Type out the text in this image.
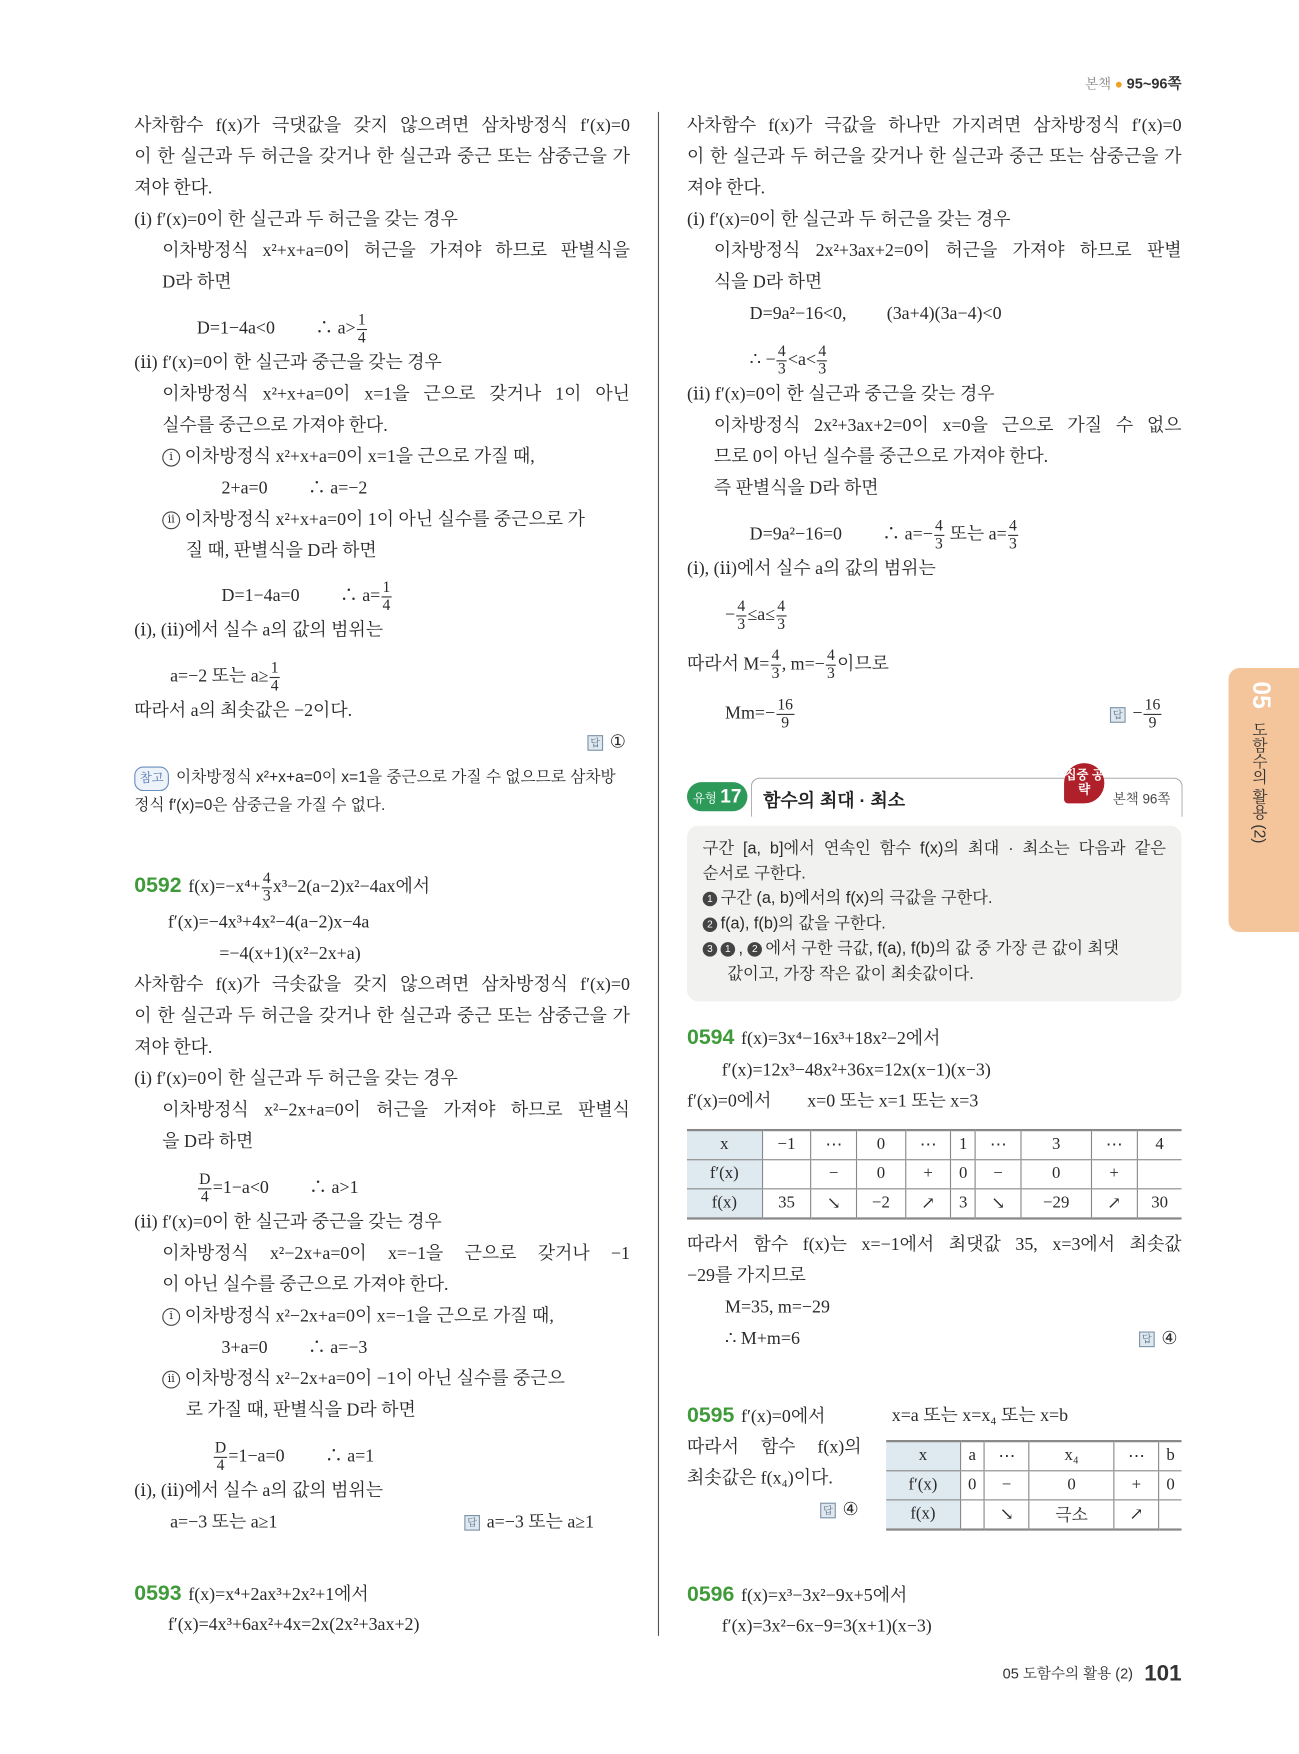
본책 ● 95~96쪽
사차함수 f(x)가 극댓값을 갖지 않으려면 삼차방정식 f′(x)=0
이 한 실근과 두 허근을 갖거나 한 실근과 중근 또는 삼중근을 가
져야 한다.
(ⅰ) f′(x)=0이 한 실근과 두 허근을 갖는 경우
이차방정식 x²+x+a=0이 허근을 가져야 하므로 판별식을
D라 하면
D=1−4a<0　　 ∴ $a> \frac{1}{4}$
(ⅱ) f′(x)=0이 한 실근과 중근을 갖는 경우
이차방정식 x²+x+a=0이 x=1을 근으로 갖거나 1이 아닌
실수를 중근으로 가져야 한다.
ⅰ 이차방정식 x²+x+a=0이 x=1을 근으로 가질 때,
2+a=0　　 ∴ a=−2
ⅱ 이차방정식 x²+x+a=0이 1이 아닌 실수를 중근으로 가
질 때, 판별식을 D라 하면
D=1−4a=0　　 ∴ $a= \frac{1}{4}$
(ⅰ), (ⅱ)에서 실수 a의 값의 범위는
a=−2 또는 $a\ge \frac{1}{4}$
따라서 a의 최솟값은 −2이다.
답 ①
참고 이차방정식 x²+x+a=0이 x=1을 중근으로 가질 수 없으므로 삼차방
정식 f′(x)=0은 삼중근을 가질 수 없다.
0592 $f(x)=-x^4+ \frac{4}{3} x^3-2(a-2)x^2-4ax$에서
f′(x)=−4x³+4x²−4(a−2)x−4a
=−4(x+1)(x²−2x+a)
사차함수 f(x)가 극솟값을 갖지 않으려면 삼차방정식 f′(x)=0
이 한 실근과 두 허근을 갖거나 한 실근과 중근 또는 삼중근을 가
져야 한다.
(ⅰ) f′(x)=0이 한 실근과 두 허근을 갖는 경우
이차방정식 x²−2x+a=0이 허근을 가져야 하므로 판별식
을 D라 하면
$\frac{D}{4} =1-a<0$　　 ∴ a>1
(ⅱ) f′(x)=0이 한 실근과 중근을 갖는 경우
이차방정식 x²−2x+a=0이 x=−1을 근으로 갖거나 −1
이 아닌 실수를 중근으로 가져야 한다.
ⅰ 이차방정식 x²−2x+a=0이 x=−1을 근으로 가질 때,
3+a=0　　 ∴ a=−3
ⅱ 이차방정식 x²−2x+a=0이 −1이 아닌 실수를 중근으
로 가질 때, 판별식을 D라 하면
$\frac{D}{4} =1-a=0$　　 ∴ a=1
(ⅰ), (ⅱ)에서 실수 a의 값의 범위는
a=−3 또는 a≥1	답 a=−3 또는 a≥1
0593 f(x)=x⁴+2ax³+2x²+1에서
f′(x)=4x³+6ax²+4x=2x(2x²+3ax+2)
사차함수 f(x)가 극값을 하나만 가지려면 삼차방정식 f′(x)=0
이 한 실근과 두 허근을 갖거나 한 실근과 중근 또는 삼중근을 가
져야 한다.
(ⅰ) f′(x)=0이 한 실근과 두 허근을 갖는 경우
이차방정식 2x²+3ax+2=0이 허근을 가져야 하므로 판별
식을 D라 하면
D=9a²−16<0,　　 (3a+4)(3a−4)<0
∴ − $\frac{4}{3} <a< \frac{4}{3}$
(ⅱ) f′(x)=0이 한 실근과 중근을 갖는 경우
이차방정식 2x²+3ax+2=0이 x=0을 근으로 가질 수 없으
므로 0이 아닌 실수를 중근으로 가져야 한다.
즉 판별식을 D라 하면
D=9a²−16=0　　 ∴ $a=- \frac{4}{3}$ 또는 $a= \frac{4}{3}$
(ⅰ), (ⅱ)에서 실수 a의 값의 범위는
− $\frac{4}{3} \le a\le \frac{4}{3}$
따라서 $M= \frac{4}{3}$ , $m=- \frac{4}{3}$ 이므로
$Mm=- \frac{16}{9}$	답 − $\frac{16}{9}$
유형 17	함수의 최대 · 최소
집중 공략
본책 96쪽
구간 [a, b]에서 연속인 함수 f(x)의 최대 · 최소는 다음과 같은
순서로 구한다.
1 구간 (a, b)에서의 f(x)의 극값을 구한다.
2 f(a), f(b)의 값을 구한다.
3 1 , 2 에서 구한 극값, f(a), f(b)의 값 중 가장 큰 값이 최댓
값이고, 가장 작은 값이 최솟값이다.
0594 f(x)=3x⁴−16x³+18x²−2에서
f′(x)=12x³−48x²+36x=12x(x−1)(x−3)
f′(x)=0에서　　x=0 또는 x=1 또는 x=3
x	−1	⋯	0	⋯	1	⋯	3	⋯	4
f′(x)		−	0	+	0	−	0	+	
f(x)	35	↘	−2	↗	3	↘	−29	↗	30
따라서 함수 f(x)는 x=−1에서 최댓값 35, x=3에서 최솟값
−29를 가지므로
M=35, m=−29
∴ M+m=6	답 ④
0595 f′(x)=0에서	x=a 또는 x=x₄ 또는 x=b
따라서 함수 f(x)의
최솟값은 f(x₄)이다.
답 ④
x	a	⋯	x₄	⋯	b
f′(x)	0	−	0	+	0
f(x)		↘	극소	↗	
0596 f(x)=x³−3x²−9x+5에서
f′(x)=3x²−6x−9=3(x+1)(x−3)
05
도함수의 활용 (2)
05 도함수의 활용 (2) 101
